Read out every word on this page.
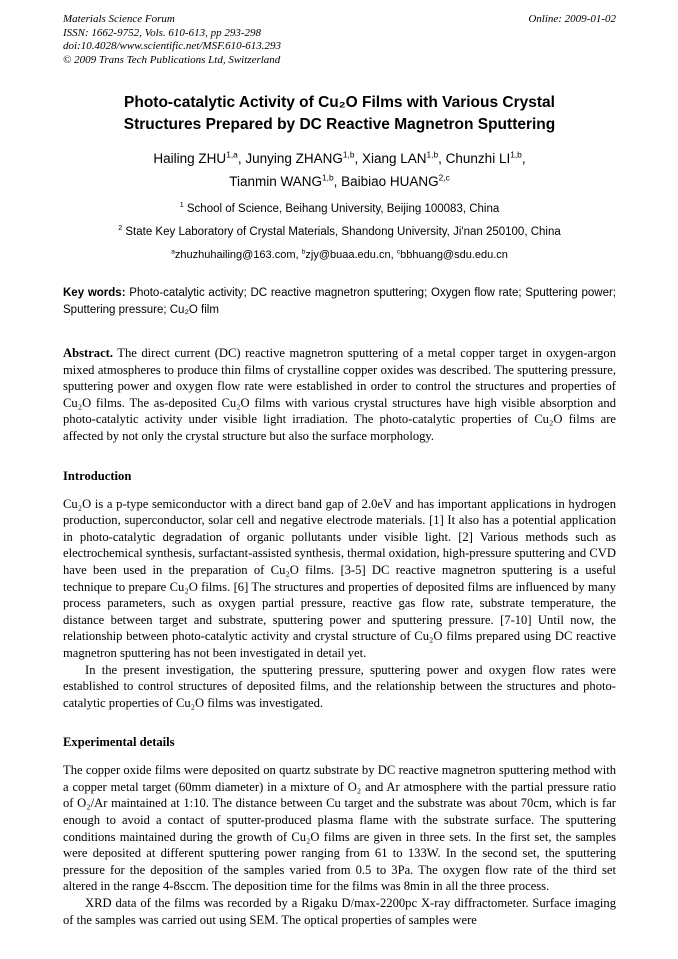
Materials Science Forum
ISSN: 1662-9752, Vols. 610-613, pp 293-298
doi:10.4028/www.scientific.net/MSF.610-613.293
© 2009 Trans Tech Publications Ltd, Switzerland
Online: 2009-01-02
Photo-catalytic Activity of Cu₂O Films with Various Crystal
Structures Prepared by DC Reactive Magnetron Sputtering
Hailing ZHU$^{1,a}$, Junying ZHANG$^{1,b}$, Xiang LAN$^{1,b}$, Chunzhi LI$^{1,b}$,
Tianmin WANG$^{1,b}$, Baibiao HUANG$^{2,c}$
$^1$ School of Science, Beihang University, Beijing 100083, China
$^2$ State Key Laboratory of Crystal Materials, Shandong University, Ji'nan 250100, China
$^a$zhuzhuhailing@163.com, $^b$zjy@buaa.edu.cn, $^c$bbhuang@sdu.edu.cn

Key words: Photo-catalytic activity; DC reactive magnetron sputtering; Oxygen flow rate; Sputtering power; Sputtering pressure; Cu₂O film

Abstract. The direct current (DC) reactive magnetron sputtering of a metal copper target in oxygen-argon mixed atmospheres to produce thin films of crystalline copper oxides was described. The sputtering pressure, sputtering power and oxygen flow rate were established in order to control the structures and properties of Cu₂O films. The as-deposited Cu₂O films with various crystal structures have high visible absorption and photo-catalytic activity under visible light irradiation. The photo-catalytic properties of Cu₂O films are affected by not only the crystal structure but also the surface morphology.

Introduction

Cu₂O is a p-type semiconductor with a direct band gap of 2.0eV and has important applications in hydrogen production, superconductor, solar cell and negative electrode materials. [1] It also has a potential application in photo-catalytic degradation of organic pollutants under visible light. [2] Various methods such as electrochemical synthesis, surfactant-assisted synthesis, thermal oxidation, high-pressure sputtering and CVD have been used in the preparation of Cu₂O films. [3-5] DC reactive magnetron sputtering is a useful technique to prepare Cu₂O films. [6] The structures and properties of deposited films are influenced by many process parameters, such as oxygen partial pressure, reactive gas flow rate, substrate temperature, the distance between target and substrate, sputtering power and sputtering pressure. [7-10] Until now, the relationship between photo-catalytic activity and crystal structure of Cu₂O films prepared using DC reactive magnetron sputtering has not been investigated in detail yet.

In the present investigation, the sputtering pressure, sputtering power and oxygen flow rates were established to control structures of deposited films, and the relationship between the structures and photo-catalytic properties of Cu₂O films was investigated.

Experimental details

The copper oxide films were deposited on quartz substrate by DC reactive magnetron sputtering method with a copper metal target (60mm diameter) in a mixture of O₂ and Ar atmosphere with the partial pressure ratio of O₂/Ar maintained at 1:10. The distance between Cu target and the substrate was about 70cm, which is far enough to avoid a contact of sputter-produced plasma flame with the substrate surface. The sputtering conditions maintained during the growth of Cu₂O films are given in three sets. In the first set, the samples were deposited at different sputtering power ranging from 61 to 133W. In the second set, the sputtering pressure for the deposition of the samples varied from 0.5 to 3Pa. The oxygen flow rate of the third set altered in the range 4-8sccm. The deposition time for the films was 8min in all the three process.

XRD data of the films was recorded by a Rigaku D/max-2200pc X-ray diffractometer. Surface imaging of the samples was carried out using SEM. The optical properties of samples were
